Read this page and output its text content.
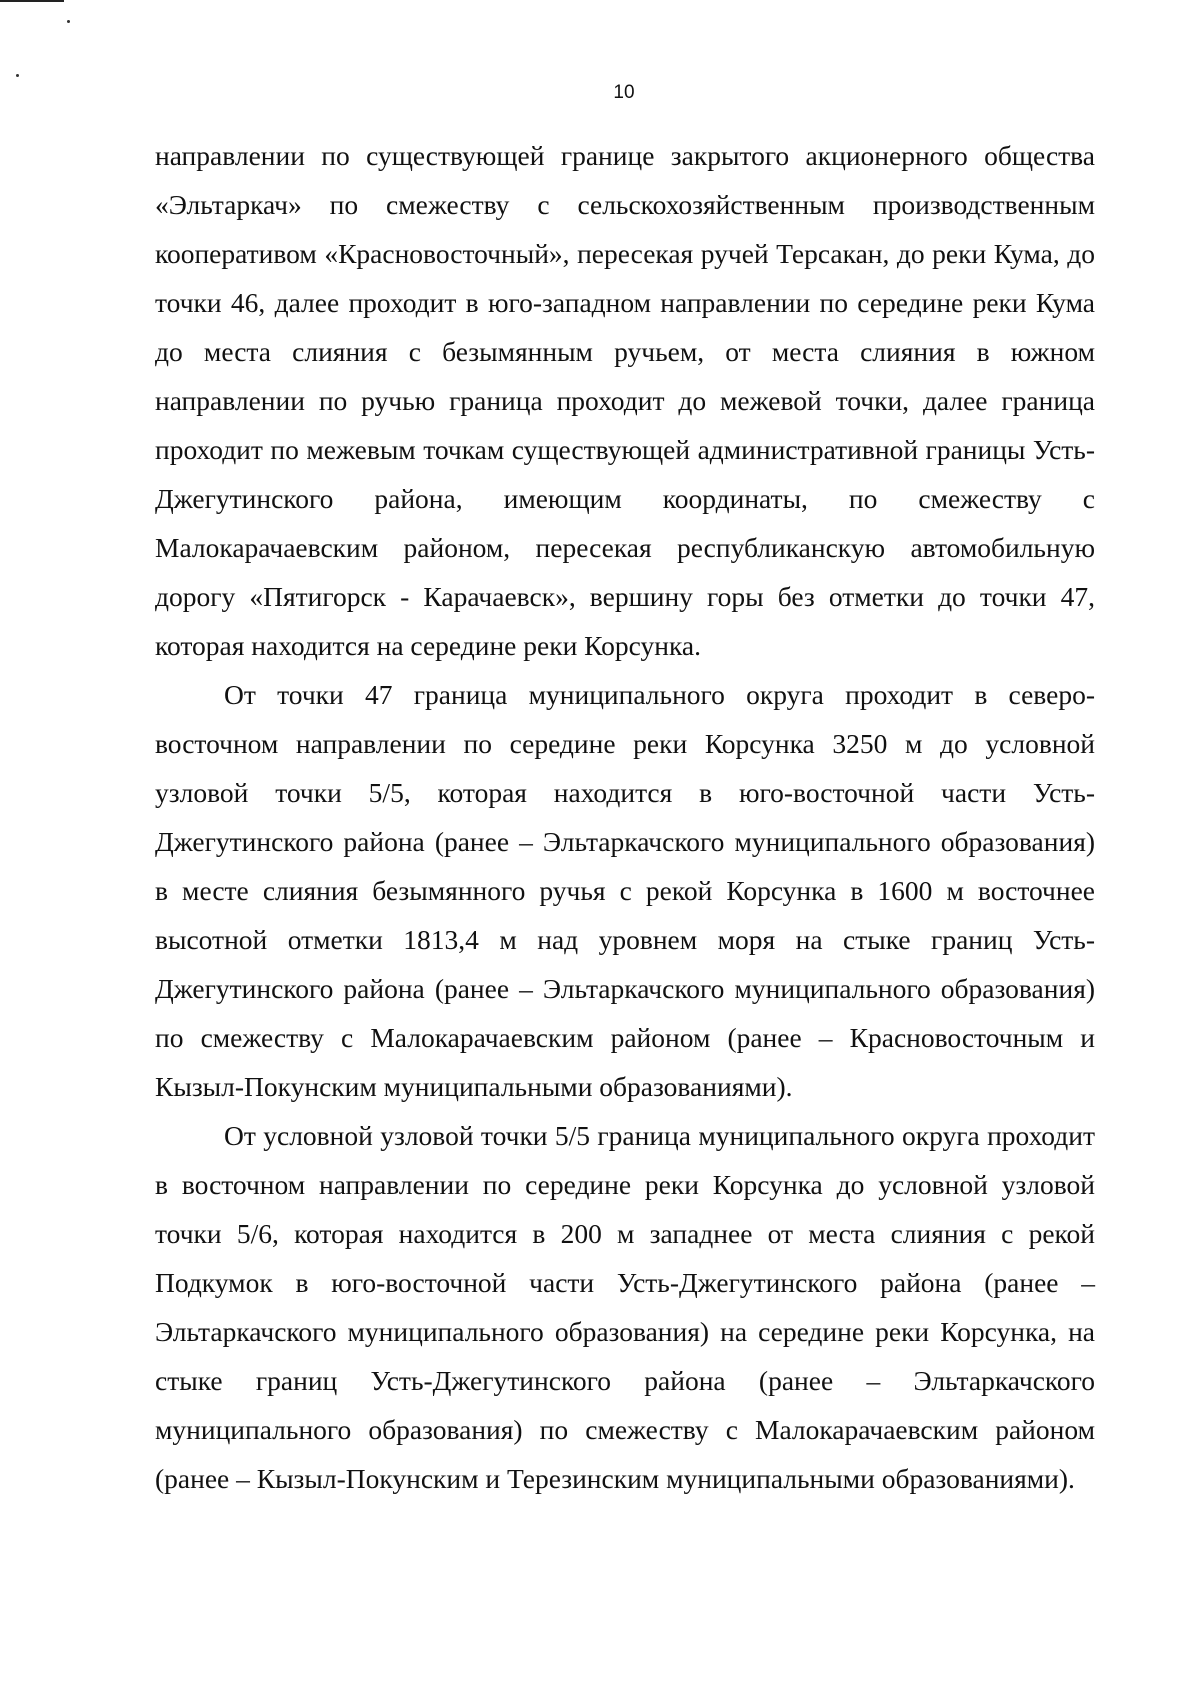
10

направлении по существующей границе закрытого акционерного общества «Эльтаркач» по смежеству с сельскохозяйственным производственным кооперативом «Красновосточный», пересекая ручей Терсакан, до реки Кума, до точки 46, далее проходит в юго-западном направлении по середине реки Кума до места слияния с безымянным ручьем, от места слияния в южном направлении по ручью граница проходит до межевой точки, далее граница проходит по межевым точкам существующей административной границы Усть-Джегутинского района, имеющим координаты, по смежеству с Малокарачаевским районом, пересекая республиканскую автомобильную дорогу «Пятигорск - Карачаевск», вершину горы без отметки до точки 47, которая находится на середине реки Корсунка.

От точки 47 граница муниципального округа проходит в северо-восточном направлении по середине реки Корсунка 3250 м до условной узловой точки 5/5, которая находится в юго-восточной части Усть-Джегутинского района (ранее – Эльтаркачского муниципального образования) в месте слияния безымянного ручья с рекой Корсунка в 1600 м восточнее высотной отметки 1813,4 м над уровнем моря на стыке границ Усть-Джегутинского района (ранее – Эльтаркачского муниципального образования) по смежеству с Малокарачаевским районом (ранее – Красновосточным и Кызыл-Покунским муниципальными образованиями).

От условной узловой точки 5/5 граница муниципального округа проходит в восточном направлении по середине реки Корсунка до условной узловой точки 5/6, которая находится в 200 м западнее от места слияния с рекой Подкумок в юго-восточной части Усть-Джегутинского района (ранее – Эльтаркачского муниципального образования) на середине реки Корсунка, на стыке границ Усть-Джегутинского района (ранее – Эльтаркачского муниципального образования) по смежеству с Малокарачаевским районом (ранее – Кызыл-Покунским и Терезинским муниципальными образованиями).
